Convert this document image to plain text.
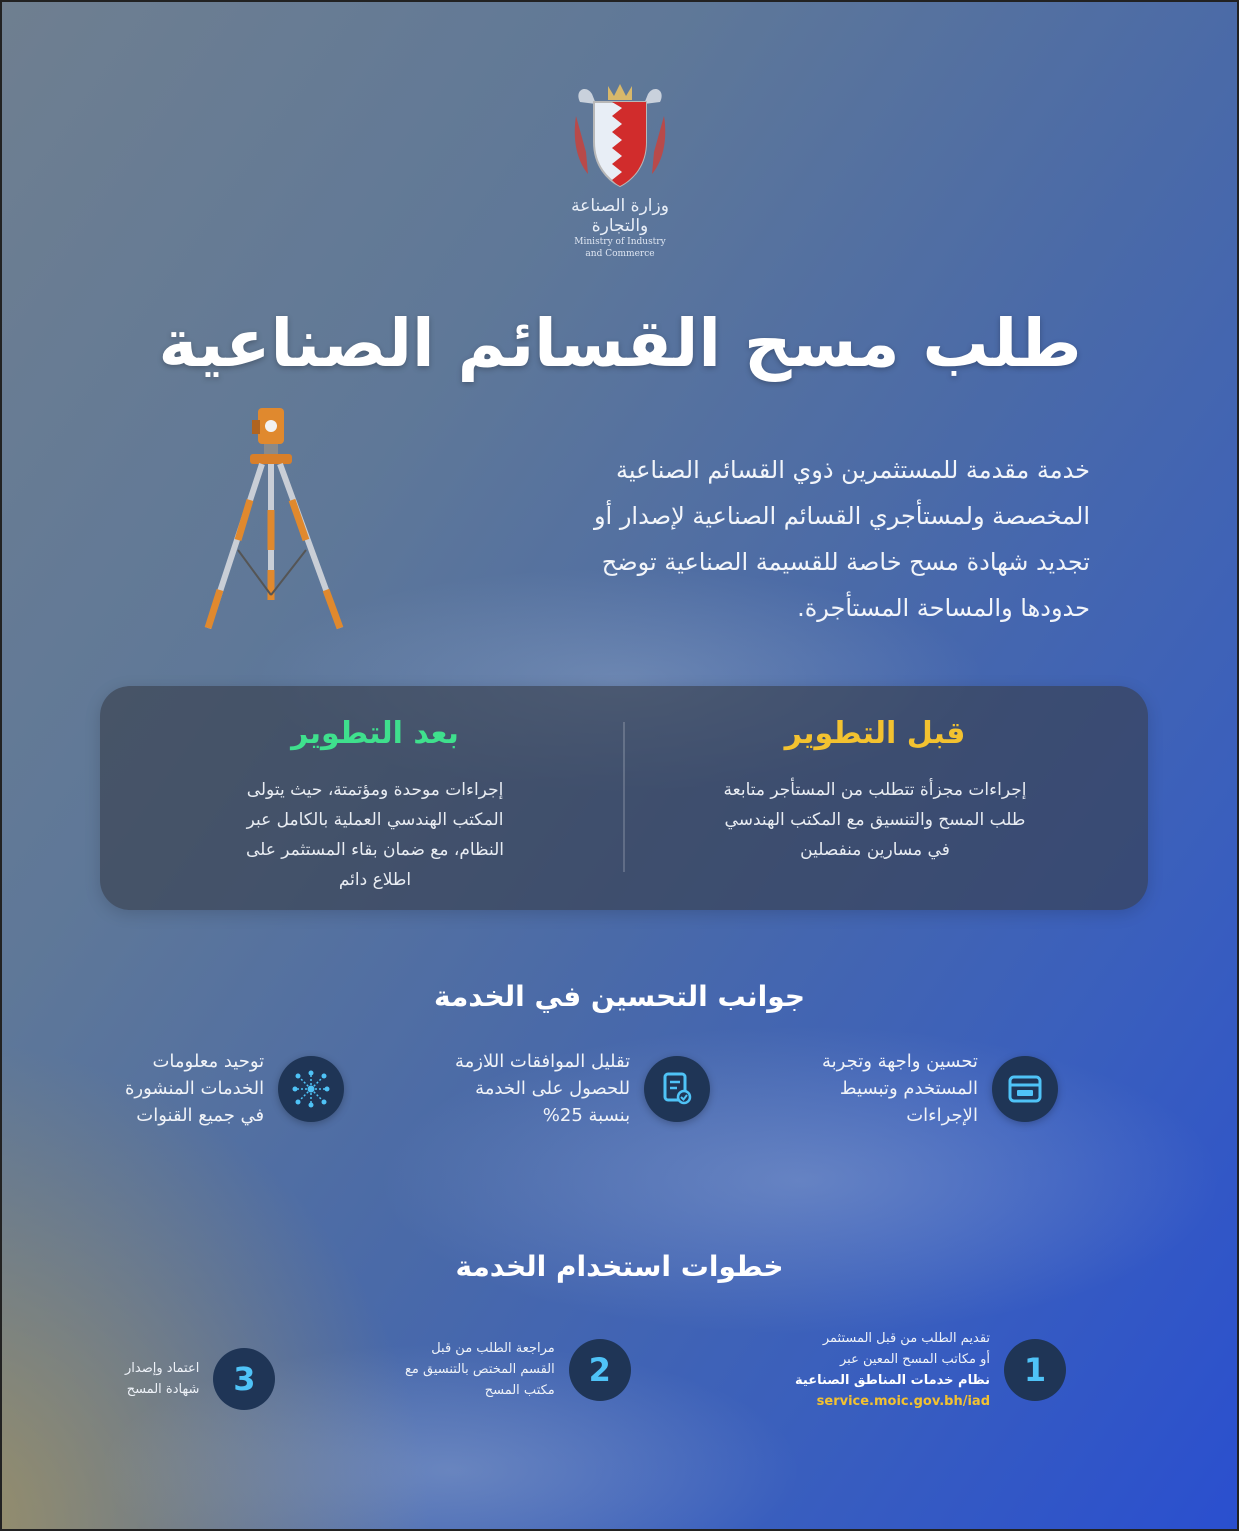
وزارة الصناعة والتجارة
Ministry of Industry
and Commerce
طلب مسح القسائم الصناعية
خدمة مقدمة للمستثمرين ذوي القسائم الصناعية
المخصصة ولمستأجري القسائم الصناعية لإصدار أو
تجديد شهادة مسح خاصة للقسيمة الصناعية توضح
حدودها والمساحة المستأجرة.
بعد التطوير

إجراءات موحدة ومؤتمتة، حيث يتولى

المكتب الهندسي العملية بالكامل عبر

النظام، مع ضمان بقاء المستثمر على

اطلاع دائم

قبل التطوير

إجراءات مجزأة تتطلب من المستأجر متابعة

طلب المسح والتنسيق مع المكتب الهندسي

في مسارين منفصلين

جوانب التحسين في الخدمة
تحسين واجهة وتجربة
المستخدم وتبسيط
الإجراءات
تقليل الموافقات اللازمة
للحصول على الخدمة
بنسبة 25%
توحيد معلومات
الخدمات المنشورة
في جميع القنوات
خطوات استخدام الخدمة
1
تقديم الطلب من قبل المستثمر
أو مكاتب المسح المعين عبر
نظام خدمات المناطق الصناعية
service.moic.gov.bh/iad
2
مراجعة الطلب من قبل
القسم المختص بالتنسيق مع
مكتب المسح
3
اعتماد وإصدار
شهادة المسح
